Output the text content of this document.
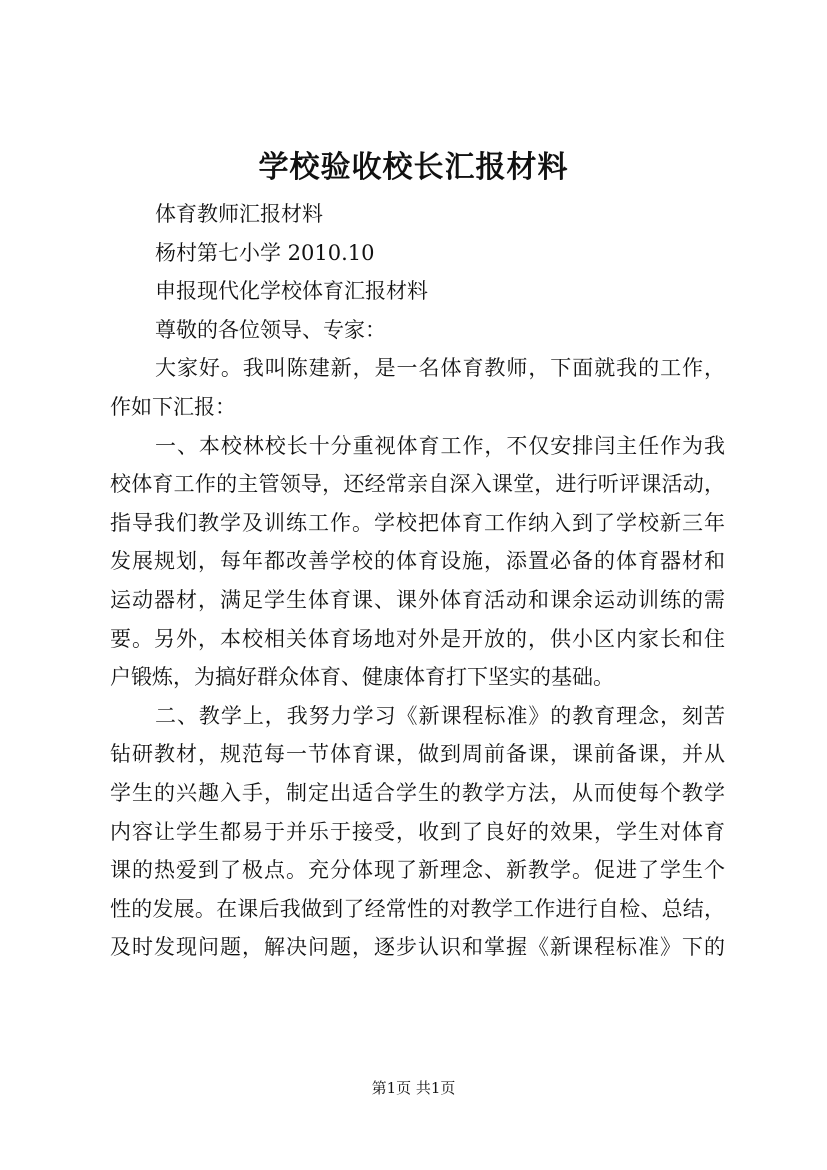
学校验收校长汇报材料
体育教师汇报材料
杨村第七小学 2010.10
申报现代化学校体育汇报材料
尊敬的各位领导、专家：
大家好。我叫陈建新，是一名体育教师，下面就我的工作，
作如下汇报：
一、本校林校长十分重视体育工作，不仅安排闫主任作为我
校体育工作的主管领导，还经常亲自深入课堂，进行听评课活动，
指导我们教学及训练工作。学校把体育工作纳入到了学校新三年
发展规划，每年都改善学校的体育设施，添置必备的体育器材和
运动器材，满足学生体育课、课外体育活动和课余运动训练的需
要。另外，本校相关体育场地对外是开放的，供小区内家长和住
户锻炼，为搞好群众体育、健康体育打下坚实的基础。
二、教学上，我努力学习《新课程标准》的教育理念，刻苦
钻研教材，规范每一节体育课，做到周前备课，课前备课，并从
学生的兴趣入手，制定出适合学生的教学方法，从而使每个教学
内容让学生都易于并乐于接受，收到了良好的效果，学生对体育
课的热爱到了极点。充分体现了新理念、新教学。促进了学生个
性的发展。在课后我做到了经常性的对教学工作进行自检、总结，
及时发现问题，解决问题，逐步认识和掌握《新课程标准》下的
第1页 共1页
